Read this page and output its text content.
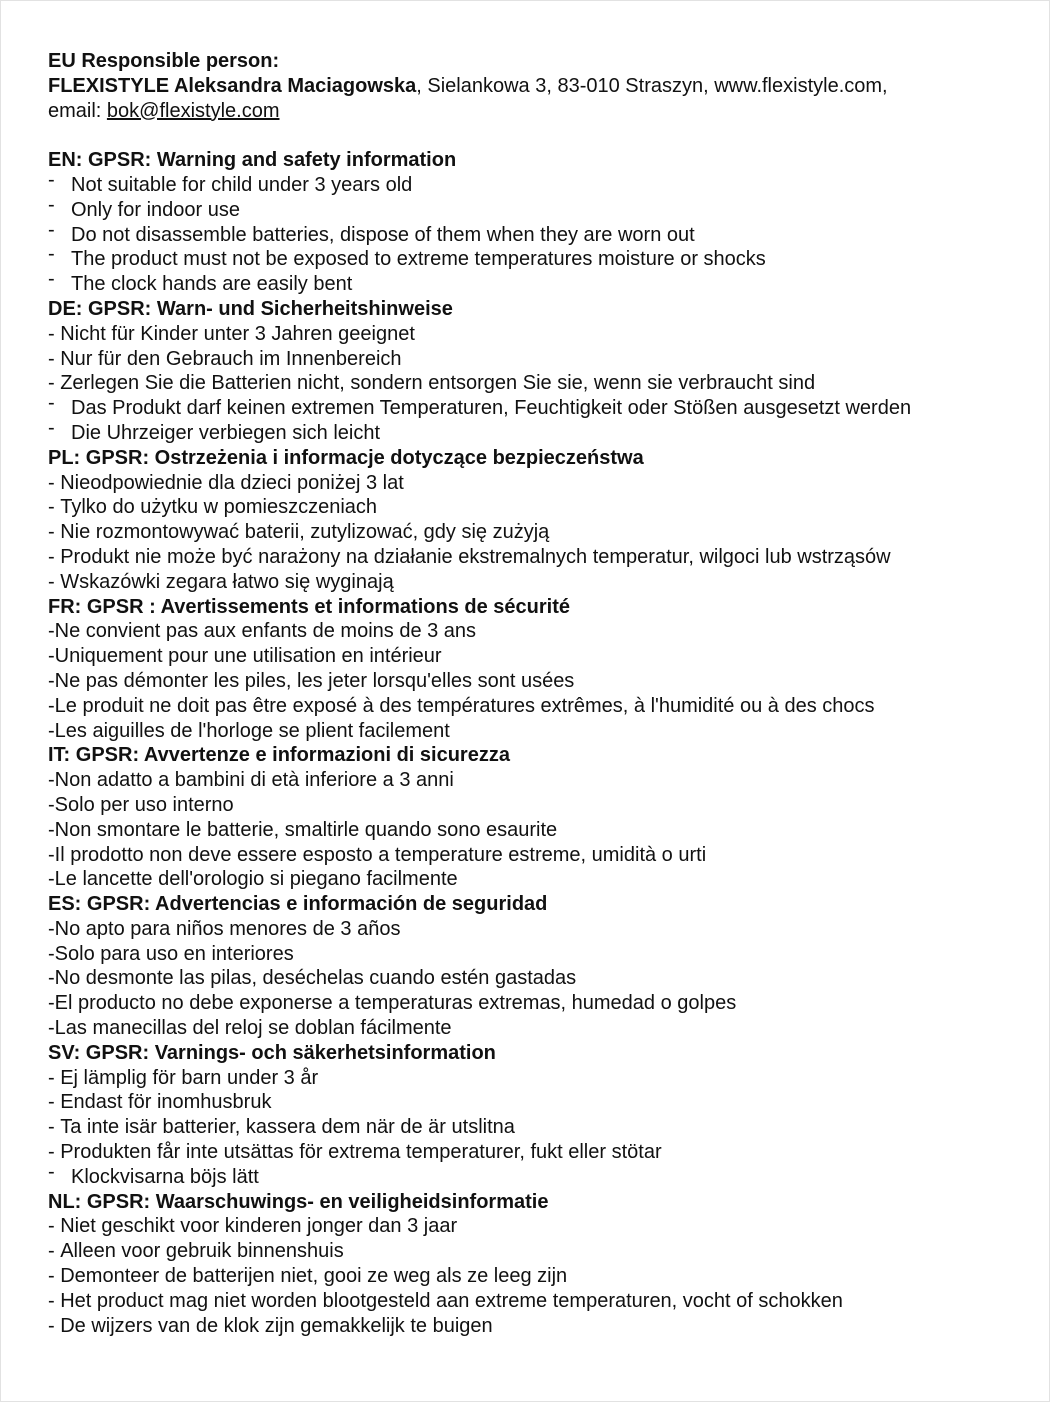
EU Responsible person:
FLEXISTYLE Aleksandra Maciagowska, Sielankowa 3, 83-010 Straszyn, www.flexistyle.com,
email: bok@flexistyle.com
EN: GPSR: Warning and safety information
- Not suitable for child under 3 years old
- Only for indoor use
- Do not disassemble batteries, dispose of them when they are worn out
- The product must not be exposed to extreme temperatures moisture or shocks
- The clock hands are easily bent
DE: GPSR: Warn- und Sicherheitshinweise
- Nicht für Kinder unter 3 Jahren geeignet
- Nur für den Gebrauch im Innenbereich
- Zerlegen Sie die Batterien nicht, sondern entsorgen Sie sie, wenn sie verbraucht sind
- Das Produkt darf keinen extremen Temperaturen, Feuchtigkeit oder Stößen ausgesetzt werden
- Die Uhrzeiger verbiegen sich leicht
PL: GPSR: Ostrzeżenia i informacje dotyczące bezpieczeństwa
- Nieodpowiednie dla dzieci poniżej 3 lat
- Tylko do użytku w pomieszczeniach
- Nie rozmontowywać baterii, zutylizować, gdy się zużyją
- Produkt nie może być narażony na działanie ekstremalnych temperatur, wilgoci lub wstrząsów
- Wskazówki zegara łatwo się wyginają
FR: GPSR : Avertissements et informations de sécurité
- Ne convient pas aux enfants de moins de 3 ans
- Uniquement pour une utilisation en intérieur
- Ne pas démonter les piles, les jeter lorsqu'elles sont usées
- Le produit ne doit pas être exposé à des températures extrêmes, à l'humidité ou à des chocs
- Les aiguilles de l'horloge se plient facilement
IT: GPSR: Avvertenze e informazioni di sicurezza
- Non adatto a bambini di età inferiore a 3 anni
- Solo per uso interno
- Non smontare le batterie, smaltirle quando sono esaurite
- Il prodotto non deve essere esposto a temperature estreme, umidità o urti
- Le lancette dell'orologio si piegano facilmente
ES: GPSR: Advertencias e información de seguridad
- No apto para niños menores de 3 años
- Solo para uso en interiores
- No desmonte las pilas, deséchelas cuando estén gastadas
- El producto no debe exponerse a temperaturas extremas, humedad o golpes
- Las manecillas del reloj se doblan fácilmente
SV: GPSR: Varnings- och säkerhetsinformation
- Ej lämplig för barn under 3 år
- Endast för inomhusbruk
- Ta inte isär batterier, kassera dem när de är utslitna
- Produkten får inte utsättas för extrema temperaturer, fukt eller stötar
- Klockvisarna böjs lätt
NL: GPSR: Waarschuwings- en veiligheidsinformatie
- Niet geschikt voor kinderen jonger dan 3 jaar
- Alleen voor gebruik binnenshuis
- Demonteer de batterijen niet, gooi ze weg als ze leeg zijn
- Het product mag niet worden blootgesteld aan extreme temperaturen, vocht of schokken
- De wijzers van de klok zijn gemakkelijk te buigen
